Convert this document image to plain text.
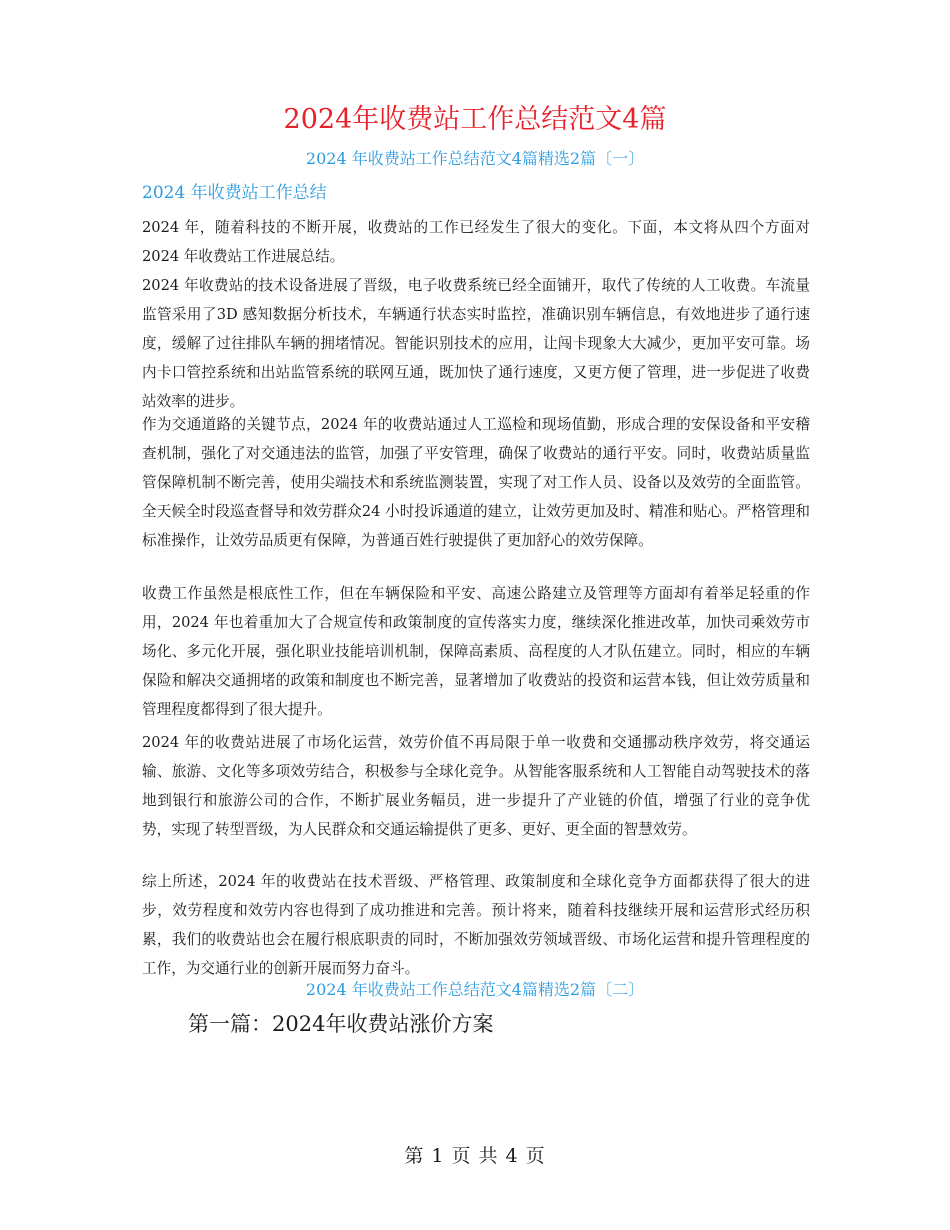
2024年收费站工作总结范文4篇
2024 年收费站工作总结范文4篇精选2篇〔一〕
2024 年收费站工作总结

2024 年，随着科技的不断开展，收费站的工作已经发生了很大的变化。下面，本文将从四个方面对2024 年收费站工作进展总结。

2024 年收费站的技术设备进展了晋级，电子收费系统已经全面铺开，取代了传统的人工收费。车流量监管采用了3D 感知数据分析技术，车辆通行状态实时监控，准确识别车辆信息，有效地进步了通行速度，缓解了过往排队车辆的拥堵情况。智能识别技术的应用，让闯卡现象大大减少，更加平安可靠。场内卡口管控系统和出站监管系统的联网互通，既加快了通行速度，又更方便了管理，进一步促进了收费站效率的进步。

作为交通道路的关键节点，2024 年的收费站通过人工巡检和现场值勤，形成合理的安保设备和平安稽查机制，强化了对交通违法的监管，加强了平安管理，确保了收费站的通行平安。同时，收费站质量监管保障机制不断完善，使用尖端技术和系统监测装置，实现了对工作人员、设备以及效劳的全面监管。全天候全时段巡查督导和效劳群众24 小时投诉通道的建立，让效劳更加及时、精准和贴心。严格管理和标准操作，让效劳品质更有保障，为普通百姓行驶提供了更加舒心的效劳保障。

收费工作虽然是根底性工作，但在车辆保险和平安、高速公路建立及管理等方面却有着举足轻重的作用，2024 年也着重加大了合规宣传和政策制度的宣传落实力度，继续深化推进改革，加快司乘效劳市场化、多元化开展，强化职业技能培训机制，保障高素质、高程度的人才队伍建立。同时，相应的车辆保险和解决交通拥堵的政策和制度也不断完善，显著增加了收费站的投资和运营本钱，但让效劳质量和管理程度都得到了很大提升。

2024 年的收费站进展了市场化运营，效劳价值不再局限于单一收费和交通挪动秩序效劳，将交通运输、旅游、文化等多项效劳结合，积极参与全球化竞争。从智能客服系统和人工智能自动驾驶技术的落地到银行和旅游公司的合作，不断扩展业务幅员，进一步提升了产业链的价值，增强了行业的竞争优势，实现了转型晋级，为人民群众和交通运输提供了更多、更好、更全面的智慧效劳。

综上所述，2024 年的收费站在技术晋级、严格管理、政策制度和全球化竞争方面都获得了很大的进步，效劳程度和效劳内容也得到了成功推进和完善。预计将来，随着科技继续开展和运营形式经历积累，我们的收费站也会在履行根底职责的同时，不断加强效劳领域晋级、市场化运营和提升管理程度的工作，为交通行业的创新开展而努力奋斗。

2024 年收费站工作总结范文4篇精选2篇〔二〕
第一篇：2024年收费站涨价方案
第 1 页 共 4 页
